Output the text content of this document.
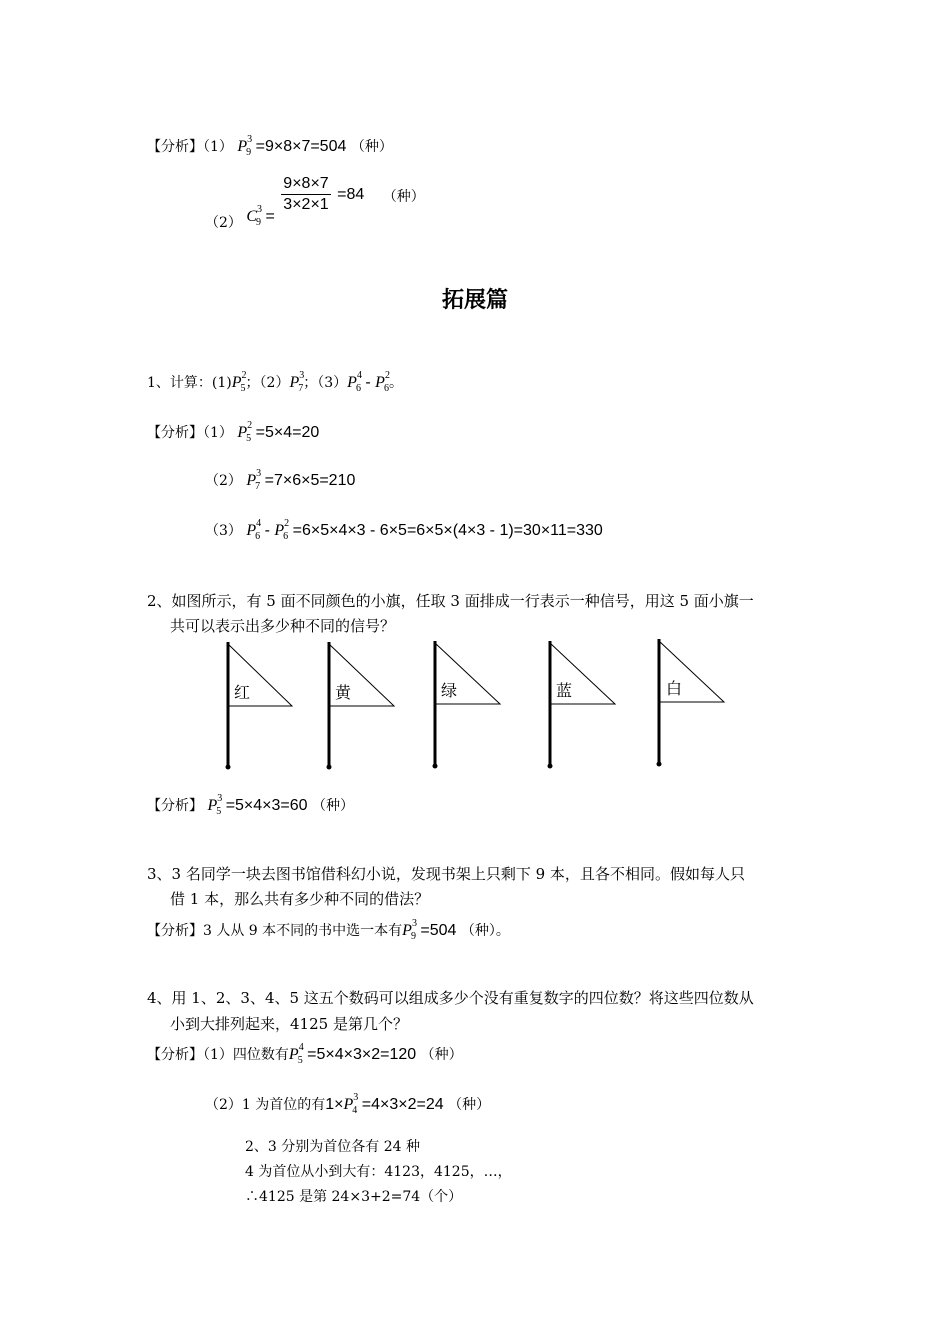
【分析】（1） $P^3_9 =9\times 8\times 7=504$ （种）
（2） $C^3_9$ =
$\frac{9\times 8\times 7}{3\times 2\times 1} =84$ （种）
拓展篇
1、计算：$(1)P^2_5$；$(2)P^3_7$；$(3)P^4_6 - P^2_6$。
【分析】（1） $P^2_5 =5\times 4=20$
（2） $P^3_7 =7\times 6\times 5=210$
（3） $P^4_6 - P^2_6 =6\times 5\times 4\times 3 - 6\times 5=6\times 5\times(4\times 3 - 1)=30\times 11=330$
2、如图所示，有 5 面不同颜色的小旗，任取 3 面排成一行表示一种信号，用这 5 面小旗一
共可以表示出多少种不同的信号？
红	黄	绿	蓝	白
【分析】 $P^3_5 =5\times 4\times 3=60$ （种）
3、3 名同学一块去图书馆借科幻小说，发现书架上只剩下 9 本，且各不相同。假如每人只
借 1 本，那么共有多少种不同的借法？
【分析】3 人从 9 本不同的书中选一本有$P^3_9 =504$ （种）。
4、用 1、2、3、4、5 这五个数码可以组成多少个没有重复数字的四位数？将这些四位数从
小到大排列起来，4125 是第几个？
【分析】（1）四位数有$P^4_5 =5\times 4\times 3\times 2=120$ （种）
（2）1 为首位的有$1\times P^3_4 =4\times 3\times 2=24$ （种）
2、3 分别为首位各有 24 种
4 为首位从小到大有：4123，4125，…，
∴4125 是第 24×3+2=74（个）
